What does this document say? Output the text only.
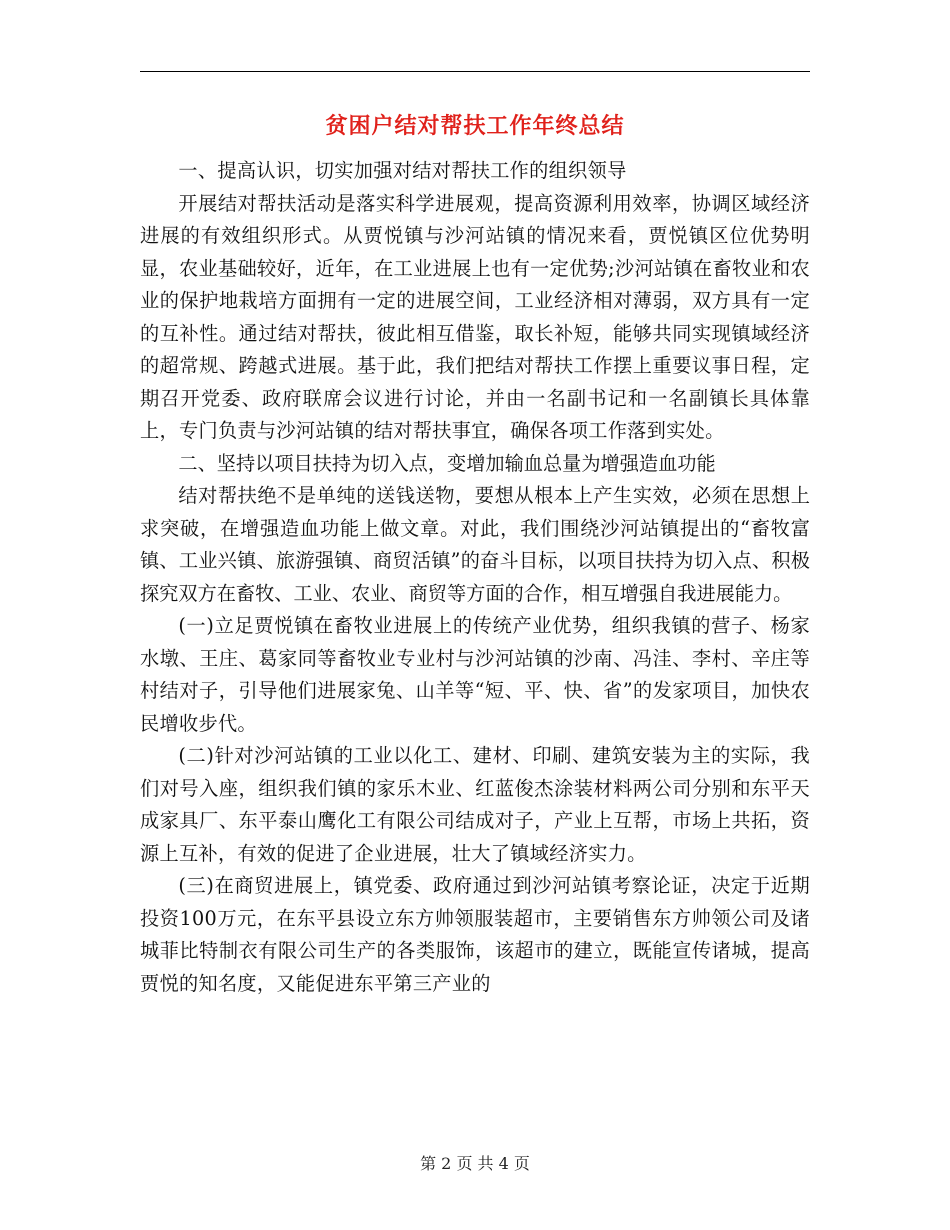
贫困户结对帮扶工作年终总结

一、提高认识，切实加强对结对帮扶工作的组织领导

开展结对帮扶活动是落实科学进展观，提高资源利用效率，协调区域经济进展的有效组织形式。从贾悦镇与沙河站镇的情况来看，贾悦镇区位优势明显，农业基础较好，近年，在工业进展上也有一定优势;沙河站镇在畜牧业和农业的保护地栽培方面拥有一定的进展空间，工业经济相对薄弱，双方具有一定的互补性。通过结对帮扶，彼此相互借鉴，取长补短，能够共同实现镇域经济的超常规、跨越式进展。基于此，我们把结对帮扶工作摆上重要议事日程，定期召开党委、政府联席会议进行讨论，并由一名副书记和一名副镇长具体靠上，专门负责与沙河站镇的结对帮扶事宜，确保各项工作落到实处。

二、坚持以项目扶持为切入点，变增加输血总量为增强造血功能

结对帮扶绝不是单纯的送钱送物，要想从根本上产生实效，必须在思想上求突破，在增强造血功能上做文章。对此，我们围绕沙河站镇提出的“畜牧富镇、工业兴镇、旅游强镇、商贸活镇”的奋斗目标，以项目扶持为切入点、积极探究双方在畜牧、工业、农业、商贸等方面的合作，相互增强自我进展能力。

(一)立足贾悦镇在畜牧业进展上的传统产业优势，组织我镇的营子、杨家水墩、王庄、葛家同等畜牧业专业村与沙河站镇的沙南、冯洼、李村、辛庄等村结对子，引导他们进展家兔、山羊等“短、平、快、省”的发家项目，加快农民增收步代。

(二)针对沙河站镇的工业以化工、建材、印刷、建筑安装为主的实际，我们对号入座，组织我们镇的家乐木业、红蓝俊杰涂装材料两公司分别和东平天成家具厂、东平泰山鹰化工有限公司结成对子，产业上互帮，市场上共拓，资源上互补，有效的促进了企业进展，壮大了镇域经济实力。

(三)在商贸进展上，镇党委、政府通过到沙河站镇考察论证，决定于近期投资100万元，在东平县设立东方帅领服装超市，主要销售东方帅领公司及诸城菲比特制衣有限公司生产的各类服饰，该超市的建立，既能宣传诸城，提高贾悦的知名度，又能促进东平第三产业的

第 2 页 共 4 页
